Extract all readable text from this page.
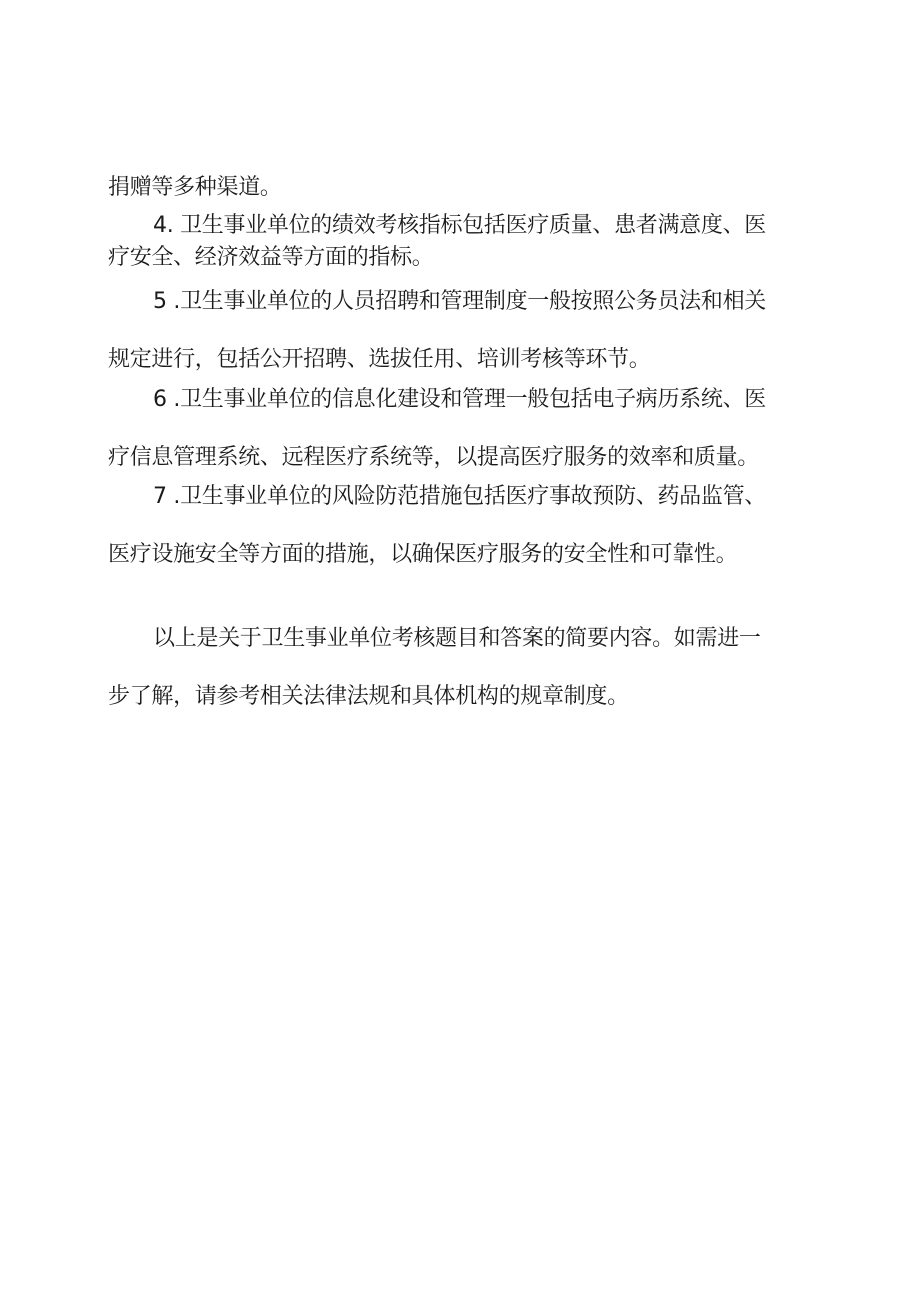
捐赠等多种渠道。

4. 卫生事业单位的绩效考核指标包括医疗质量、患者满意度、医
疗安全、经济效益等方面的指标。

5 .卫生事业单位的人员招聘和管理制度一般按照公务员法和相关
规定进行，包括公开招聘、选拔任用、培训考核等环节。

6 .卫生事业单位的信息化建设和管理一般包括电子病历系统、医
疗信息管理系统、远程医疗系统等，以提高医疗服务的效率和质量。

7 .卫生事业单位的风险防范措施包括医疗事故预防、药品监管、
医疗设施安全等方面的措施，以确保医疗服务的安全性和可靠性。

以上是关于卫生事业单位考核题目和答案的简要内容。如需进一
步了解，请参考相关法律法规和具体机构的规章制度。
